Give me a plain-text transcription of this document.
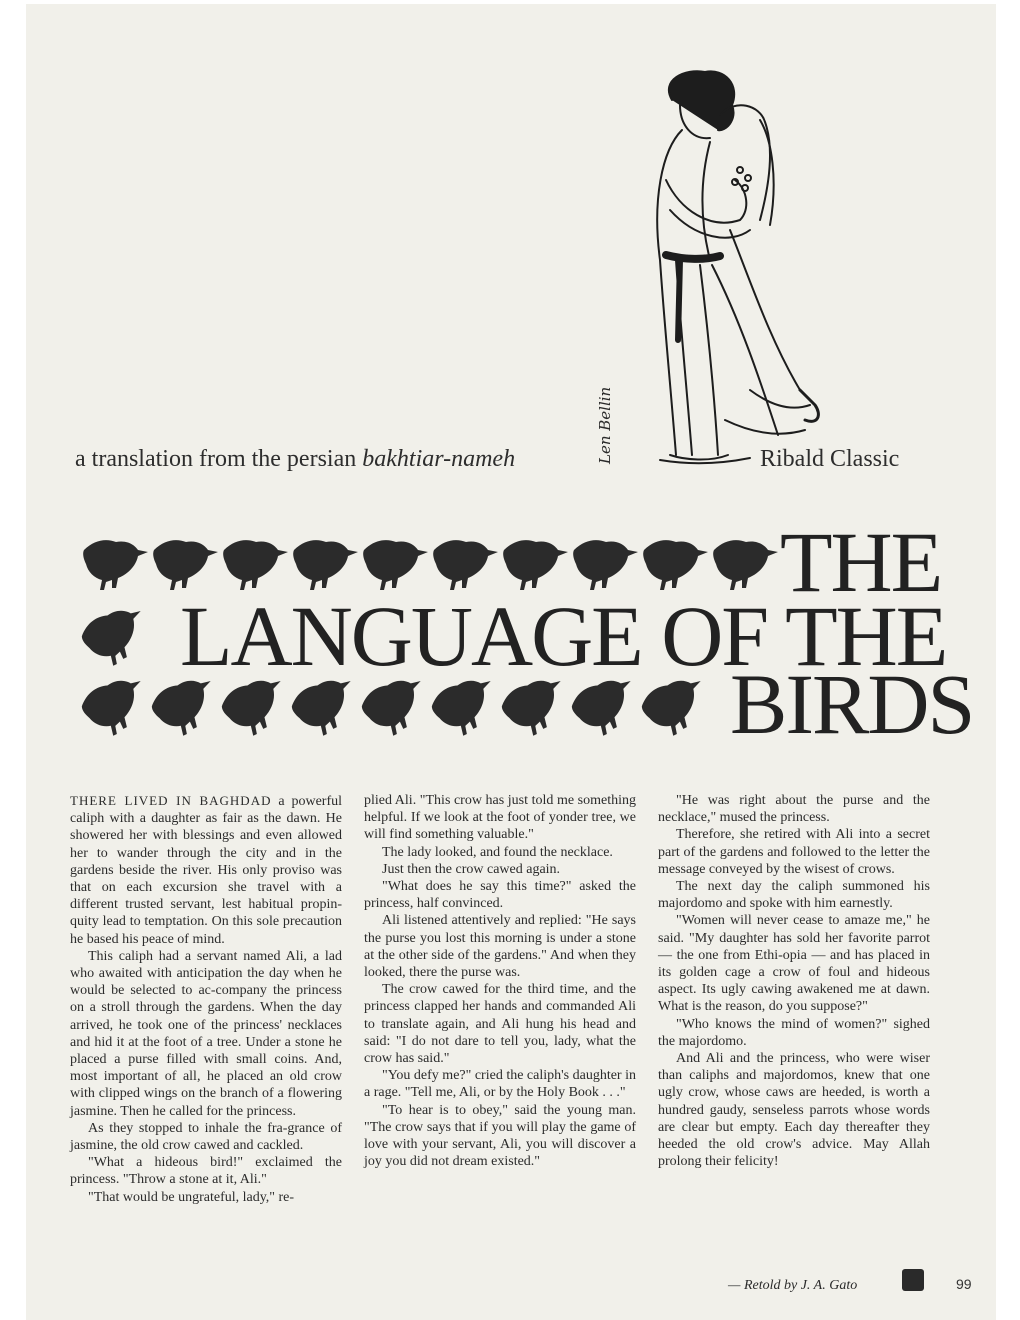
Len Bellin
a translation from the persian bakhtiar-nameh	Ribald Classic
THE
LANGUAGE OF THE
BIRDS

THERE LIVED IN BAGHDAD a powerful caliph with a daughter as fair as the dawn. He showered her with blessings and even allowed her to wander through the city and in the gardens beside the river. His only proviso was that on each excursion she travel with a different trusted servant, lest habitual propin-quity lead to temptation. On this sole precaution he based his peace of mind.

This caliph had a servant named Ali, a lad who awaited with anticipation the day when he would be selected to ac-company the princess on a stroll through the gardens. When the day arrived, he took one of the princess' necklaces and hid it at the foot of a tree. Under a stone he placed a purse filled with small coins. And, most important of all, he placed an old crow with clipped wings on the branch of a flowering jasmine. Then he called for the princess.

As they stopped to inhale the fra-grance of jasmine, the old crow cawed and cackled.

"What a hideous bird!" exclaimed the princess. "Throw a stone at it, Ali."

"That would be ungrateful, lady," re-

plied Ali. "This crow has just told me something helpful. If we look at the foot of yonder tree, we will find something valuable."

The lady looked, and found the necklace.

Just then the crow cawed again.

"What does he say this time?" asked the princess, half convinced.

Ali listened attentively and replied: "He says the purse you lost this morning is under a stone at the other side of the gardens." And when they looked, there the purse was.

The crow cawed for the third time, and the princess clapped her hands and commanded Ali to translate again, and Ali hung his head and said: "I do not dare to tell you, lady, what the crow has said."

"You defy me?" cried the caliph's daughter in a rage. "Tell me, Ali, or by the Holy Book . . ."

"To hear is to obey," said the young man. "The crow says that if you will play the game of love with your servant, Ali, you will discover a joy you did not dream existed."

"He was right about the purse and the necklace," mused the princess.

Therefore, she retired with Ali into a secret part of the gardens and followed to the letter the message conveyed by the wisest of crows.

The next day the caliph summoned his majordomo and spoke with him earnestly.

"Women will never cease to amaze me," he said. "My daughter has sold her favorite parrot — the one from Ethi-opia — and has placed in its golden cage a crow of foul and hideous aspect. Its ugly cawing awakened me at dawn. What is the reason, do you suppose?"

"Who knows the mind of women?" sighed the majordomo.

And Ali and the princess, who were wiser than caliphs and majordomos, knew that one ugly crow, whose caws are heeded, is worth a hundred gaudy, senseless parrots whose words are clear but empty. Each day thereafter they heeded the old crow's advice. May Allah prolong their felicity!

— Retold by J. A. Gato	99
